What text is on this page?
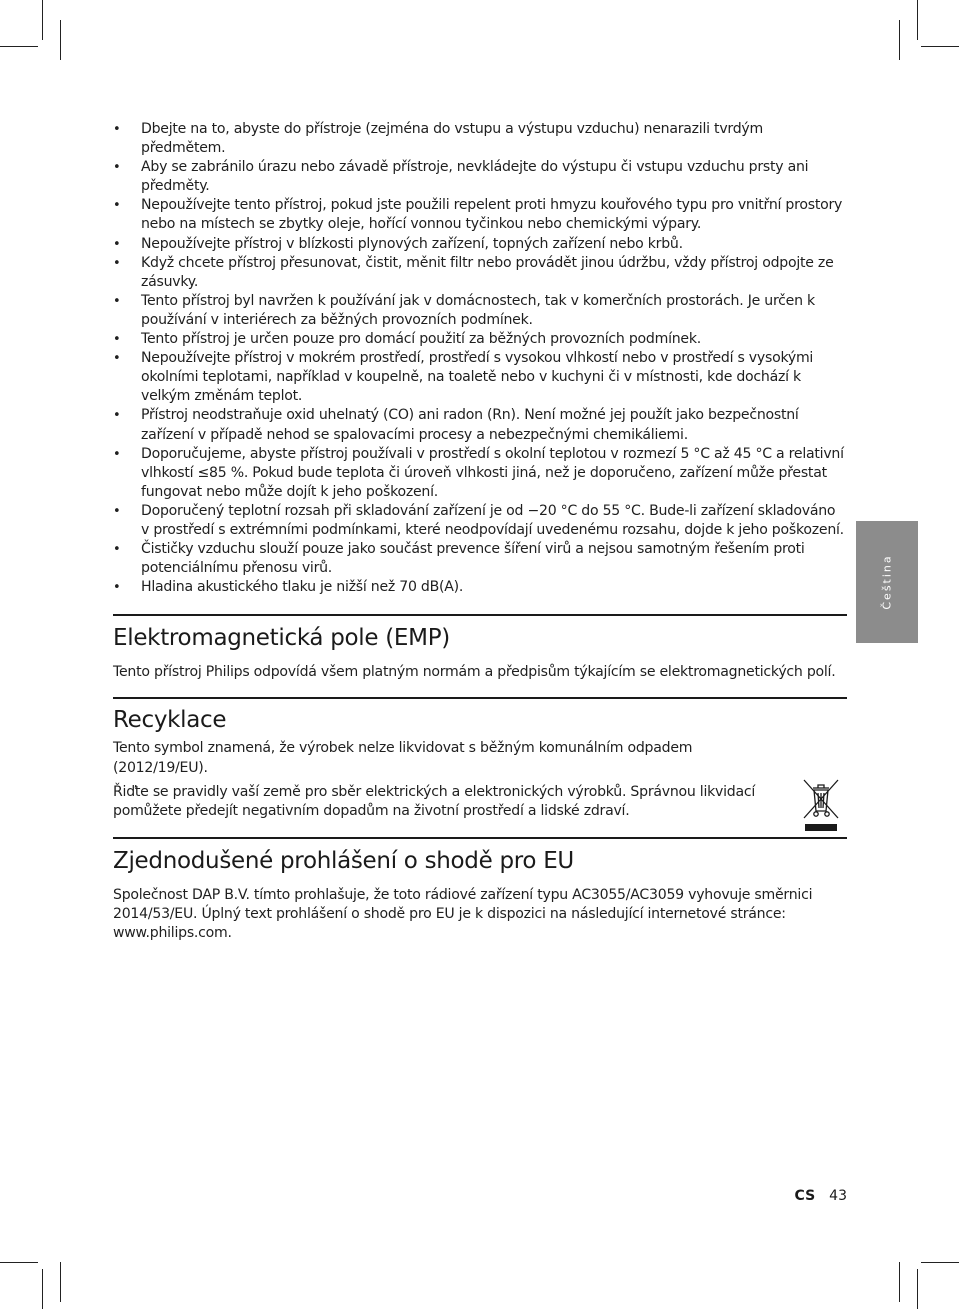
Čeština
• Dbejte na to, abyste do přístroje (zejména do vstupu a výstupu vzduchu) nenarazili tvrdým předmětem.
• Aby se zabránilo úrazu nebo závadě přístroje, nevkládejte do výstupu či vstupu vzduchu prsty ani předměty.
• Nepoužívejte tento přístroj, pokud jste použili repelent proti hmyzu kouřového typu pro vnitřní prostory nebo na místech se zbytky oleje, hořící vonnou tyčinkou nebo chemickými výpary.
• Nepoužívejte přístroj v blízkosti plynových zařízení, topných zařízení nebo krbů.
• Když chcete přístroj přesunovat, čistit, měnit filtr nebo provádět jinou údržbu, vždy přístroj odpojte ze zásuvky.
• Tento přístroj byl navržen k používání jak v domácnostech, tak v komerčních prostorách. Je určen k používání v interiérech za běžných provozních podmínek.
• Tento přístroj je určen pouze pro domácí použití za běžných provozních podmínek.
• Nepoužívejte přístroj v mokrém prostředí, prostředí s vysokou vlhkostí nebo v prostředí s vysokými okolními teplotami, například v koupelně, na toaletě nebo v kuchyni či v místnosti, kde dochází k velkým změnám teplot.
• Přístroj neodstraňuje oxid uhelnatý (CO) ani radon (Rn). Není možné jej použít jako bezpečnostní zařízení v případě nehod se spalovacími procesy a nebezpečnými chemikáliemi.
• Doporučujeme, abyste přístroj používali v prostředí s okolní teplotou v rozmezí 5 °C až 45 °C a relativní vlhkostí ≤85 %. Pokud bude teplota či úroveň vlhkosti jiná, než je doporučeno, zařízení může přestat fungovat nebo může dojít k jeho poškození.
• Doporučený teplotní rozsah při skladování zařízení je od −20 °C do 55 °C. Bude-li zařízení skladováno v prostředí s extrémními podmínkami, které neodpovídají uvedenému rozsahu, dojde k jeho poškození.
• Čističky vzduchu slouží pouze jako součást prevence šíření virů a nejsou samotným řešením proti potenciálnímu přenosu virů.
• Hladina akustického tlaku je nižší než 70 dB(A).
Elektromagnetická pole (EMP)

Tento přístroj Philips odpovídá všem platným normám a předpisům týkajícím se elektromagnetických polí.

Recyklace

Tento symbol znamená, že výrobek nelze likvidovat s běžným komunálním odpadem (2012/19/EU).

Řiďte se pravidly vaší země pro sběr elektrických a elektronických výrobků. Správnou likvidací pomůžete předejít negativním dopadům na životní prostředí a lidské zdraví.

Zjednodušené prohlášení o shodě pro EU

Společnost DAP B.V. tímto prohlašuje, že toto rádiové zařízení typu AC3055/AC3059 vyhovuje směrnici 2014/53/EU. Úplný text prohlášení o shodě pro EU je k dispozici na následující internetové stránce: www.philips.com.

CS 43
